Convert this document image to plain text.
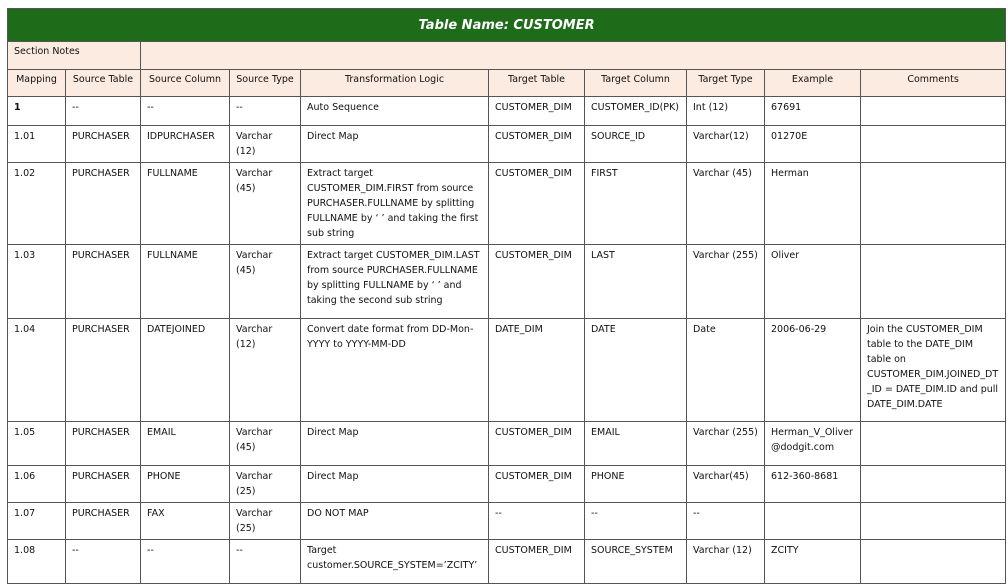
Table Name: CUSTOMER									
Section Notes									
Mapping	Source Table	Source Column	Source Type	Transformation Logic	Target Table	Target Column	Target Type	Example	Comments
1	--	--	--	Auto Sequence	CUSTOMER_DIM	CUSTOMER_ID(PK)	Int (12)	67691	
1.01	PURCHASER	IDPURCHASER	Varchar (12)	Direct Map	CUSTOMER_DIM	SOURCE_ID	Varchar(12)	01270E	
1.02	PURCHASER	FULLNAME	Varchar (45)	Extract target CUSTOMER_DIM.FIRST from source PURCHASER.FULLNAME by splitting FULLNAME by ‘ ’ and taking the first sub string	CUSTOMER_DIM	FIRST	Varchar (45)	Herman	
1.03	PURCHASER	FULLNAME	Varchar (45)	Extract target CUSTOMER_DIM.LAST from source PURCHASER.FULLNAME by splitting FULLNAME by ‘ ’ and taking the second sub string	CUSTOMER_DIM	LAST	Varchar (255)	Oliver	
1.04	PURCHASER	DATEJOINED	Varchar (12)	Convert date format from DD-Mon-YYYY to YYYY-MM-DD	DATE_DIM	DATE	Date	2006-06-29	Join the CUSTOMER_DIM table to the DATE_DIM table on CUSTOMER_DIM.JOINED_DT_ID = DATE_DIM.ID and pull DATE_DIM.DATE
1.05	PURCHASER	EMAIL	Varchar (45)	Direct Map	CUSTOMER_DIM	EMAIL	Varchar (255)	Herman_V_Oliver@dodgit.com	
1.06	PURCHASER	PHONE	Varchar (25)	Direct Map	CUSTOMER_DIM	PHONE	Varchar(45)	612-360-8681	
1.07	PURCHASER	FAX	Varchar (25)	DO NOT MAP	--	--	--		
1.08	--	--	--	Target customer.SOURCE_SYSTEM=’ZCITY’	CUSTOMER_DIM	SOURCE_SYSTEM	Varchar (12)	ZCITY	
